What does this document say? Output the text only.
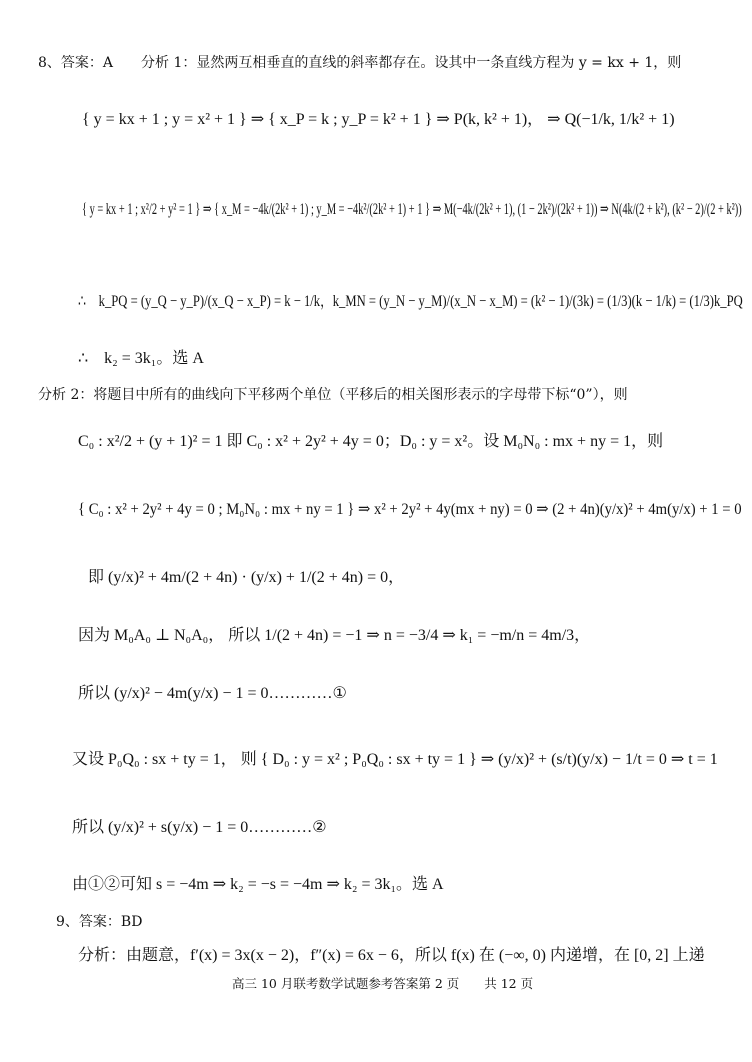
8、答案：A　　分析 1：显然两互相垂直的直线的斜率都存在。设其中一条直线方程为 y = kx + 1，则
{ y = kx + 1 ; y = x² + 1 } ⇒ { x_P = k ; y_P = k² + 1 } ⇒ P(k, k² + 1)， ⇒ Q(−1/k, 1/k² + 1)
{ y = kx + 1 ; x²/2 + y² = 1 } ⇒ { x_M = −4k/(2k² + 1) ; y_M = −4k²/(2k² + 1) + 1 } ⇒ M(−4k/(2k² + 1), (1 − 2k²)/(2k² + 1)) ⇒ N(4k/(2 + k²), (k² − 2)/(2 + k²))
∴　k_PQ = (y_Q − y_P)/(x_Q − x_P) = k − 1/k，k_MN = (y_N − y_M)/(x_N − x_M) = (k² − 1)/(3k) = (1/3)(k − 1/k) = (1/3)k_PQ
∴　k₂ = 3k₁。选 A
分析 2：将题目中所有的曲线向下平移两个单位（平移后的相关图形表示的字母带下标“0”），则
C₀ : x²/2 + (y + 1)² = 1 即 C₀ : x² + 2y² + 4y = 0；D₀ : y = x²。设 M₀N₀ : mx + ny = 1，则
{ C₀ : x² + 2y² + 4y = 0 ; M₀N₀ : mx + ny = 1 } ⇒ x² + 2y² + 4y(mx + ny) = 0 ⇒ (2 + 4n)(y/x)² + 4m(y/x) + 1 = 0
即 (y/x)² + 4m/(2 + 4n) · (y/x) + 1/(2 + 4n) = 0，
因为 M₀A₀ ⊥ N₀A₀， 所以 1/(2 + 4n) = −1 ⇒ n = −3/4 ⇒ k₁ = −m/n = 4m/3，
所以 (y/x)² − 4m(y/x) − 1 = 0…………①
又设 P₀Q₀ : sx + ty = 1， 则 { D₀ : y = x² ; P₀Q₀ : sx + ty = 1 } ⇒ (y/x)² + (s/t)(y/x) − 1/t = 0 ⇒ t = 1
所以 (y/x)² + s(y/x) − 1 = 0…………②
由①②可知 s = −4m ⇒ k₂ = −s = −4m ⇒ k₂ = 3k₁。选 A
9、答案：BD
分析：由题意，f′(x) = 3x(x − 2)，f″(x) = 6x − 6，所以 f(x) 在 (−∞, 0) 内递增，在 [0, 2] 上递
高三 10 月联考数学试题参考答案第 2 页　　共 12 页
